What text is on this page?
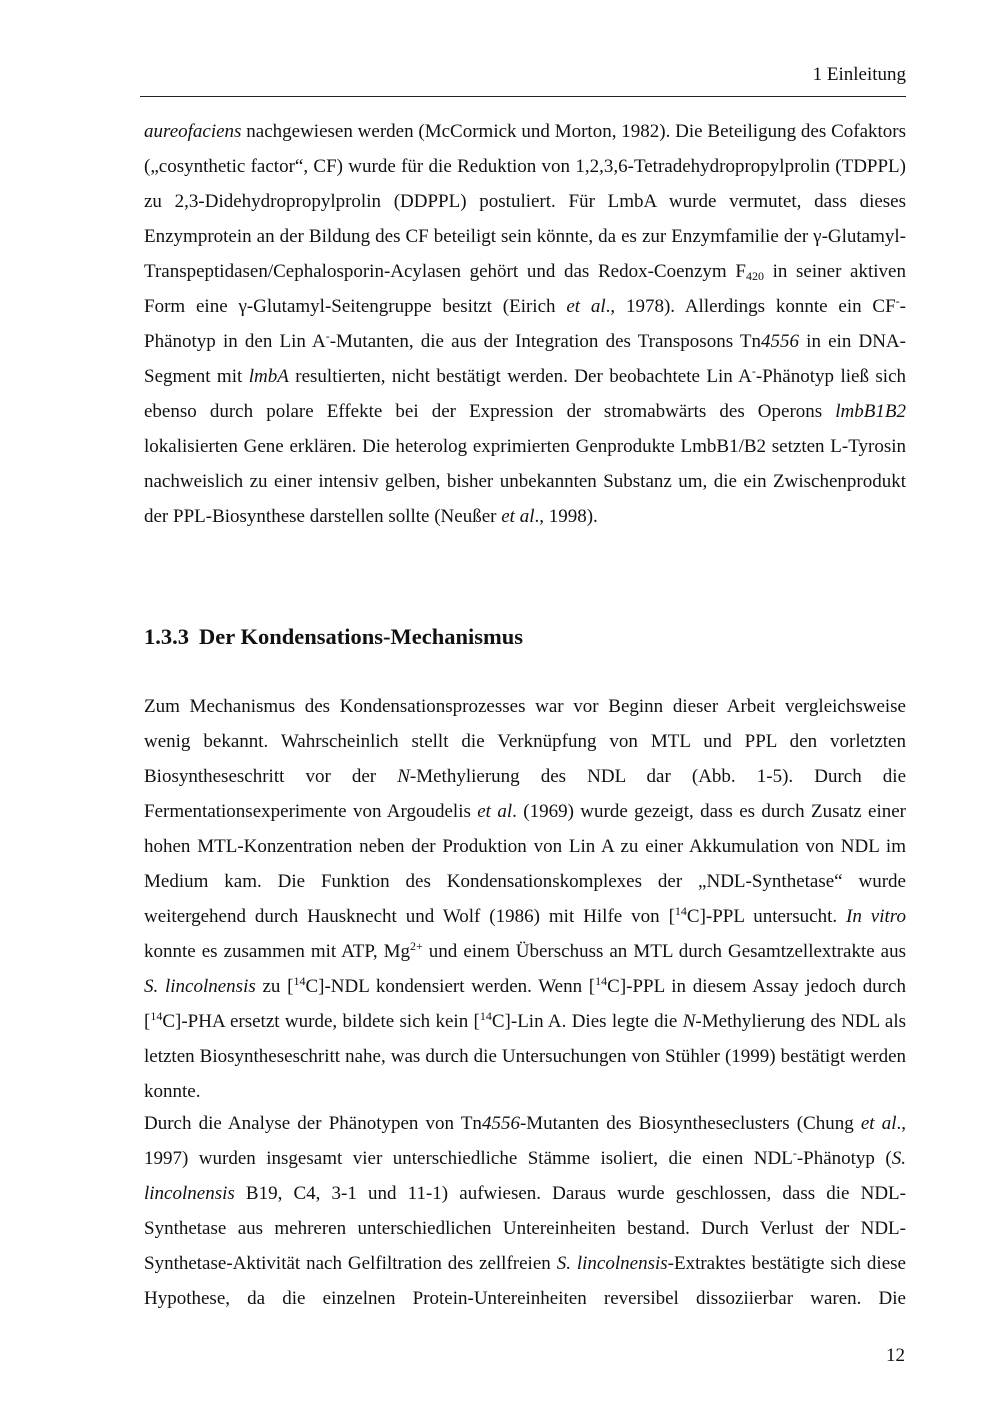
1 Einleitung

aureofaciens nachgewiesen werden (McCormick und Morton, 1982). Die Beteiligung des Cofaktors („cosynthetic factor“, CF) wurde für die Reduktion von 1,2,3,6-Tetradehydropropylprolin (TDPPL) zu 2,3-Didehydropropylprolin (DDPPL) postuliert. Für LmbA wurde vermutet, dass dieses Enzymprotein an der Bildung des CF beteiligt sein könnte, da es zur Enzymfamilie der γ-Glutamyl-Transpeptidasen/Cephalosporin-Acylasen gehört und das Redox-Coenzym $F_{420}$ in seiner aktiven Form eine γ-Glutamyl-Seitengruppe besitzt (Eirich et al., 1978). Allerdings konnte ein CF--Phänotyp in den Lin A--Mutanten, die aus der Integration des Transposons Tn4556 in ein DNA-Segment mit lmbA resultierten, nicht bestätigt werden. Der beobachtete Lin A--Phänotyp ließ sich ebenso durch polare Effekte bei der Expression der stromabwärts des Operons lmbB1B2 lokalisierten Gene erklären. Die heterolog exprimierten Genprodukte LmbB1/B2 setzten L-Tyrosin nachweislich zu einer intensiv gelben, bisher unbekannten Substanz um, die ein Zwischenprodukt der PPL-Biosynthese darstellen sollte (Neußer et al., 1998).

1.3.3 Der Kondensations-Mechanismus

Zum Mechanismus des Kondensationsprozesses war vor Beginn dieser Arbeit vergleichsweise wenig bekannt. Wahrscheinlich stellt die Verknüpfung von MTL und PPL den vorletzten Biosyntheseschritt vor der N-Methylierung des NDL dar (Abb. 1-5). Durch die Fermentationsexperimente von Argoudelis et al. (1969) wurde gezeigt, dass es durch Zusatz einer hohen MTL-Konzentration neben der Produktion von Lin A zu einer Akkumulation von NDL im Medium kam. Die Funktion des Kondensationskomplexes der „NDL-Synthetase“ wurde weitergehend durch Hausknecht und Wolf (1986) mit Hilfe von [$^{14}$C]-PPL untersucht. In vitro konnte es zusammen mit ATP, $Mg^{2+}$ und einem Überschuss an MTL durch Gesamtzellextrakte aus S. lincolnensis zu [$^{14}$C]-NDL kondensiert werden. Wenn [$^{14}$C]-PPL in diesem Assay jedoch durch [$^{14}$C]-PHA ersetzt wurde, bildete sich kein [$^{14}$C]-Lin A. Dies legte die N-Methylierung des NDL als letzten Biosyntheseschritt nahe, was durch die Untersuchungen von Stühler (1999) bestätigt werden konnte.

Durch die Analyse der Phänotypen von Tn4556-Mutanten des Biosyntheseclusters (Chung et al., 1997) wurden insgesamt vier unterschiedliche Stämme isoliert, die einen NDL--Phänotyp (S. lincolnensis B19, C4, 3-1 und 11-1) aufwiesen. Daraus wurde geschlossen, dass die NDL-Synthetase aus mehreren unterschiedlichen Untereinheiten bestand. Durch Verlust der NDL-Synthetase-Aktivität nach Gelfiltration des zellfreien S. lincolnensis-Extraktes bestätigte sich diese Hypothese, da die einzelnen Protein-Untereinheiten reversibel dissoziierbar waren. Die

12
